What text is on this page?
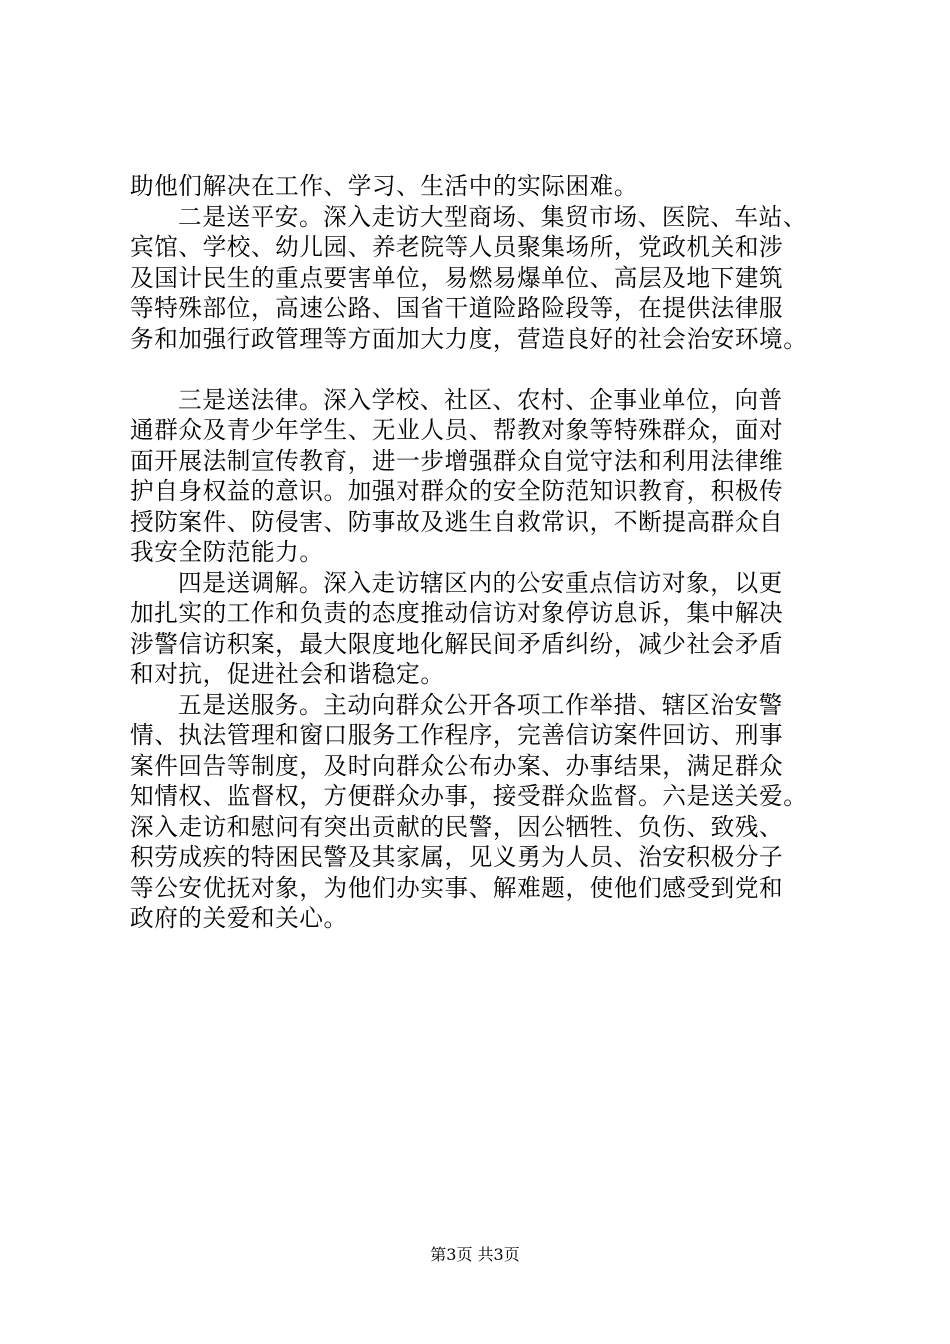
助他们解决在工作、学习、生活中的实际困难。
二是送平安。深入走访大型商场、集贸市场、医院、车站、
宾馆、学校、幼儿园、养老院等人员聚集场所，党政机关和涉
及国计民生的重点要害单位，易燃易爆单位、高层及地下建筑
等特殊部位，高速公路、国省干道险路险段等，在提供法律服
务和加强行政管理等方面加大力度，营造良好的社会治安环境。
三是送法律。深入学校、社区、农村、企事业单位，向普
通群众及青少年学生、无业人员、帮教对象等特殊群众，面对
面开展法制宣传教育，进一步增强群众自觉守法和利用法律维
护自身权益的意识。加强对群众的安全防范知识教育，积极传
授防案件、防侵害、防事故及逃生自救常识，不断提高群众自
我安全防范能力。
四是送调解。深入走访辖区内的公安重点信访对象，以更
加扎实的工作和负责的态度推动信访对象停访息诉，集中解决
涉警信访积案，最大限度地化解民间矛盾纠纷，减少社会矛盾
和对抗，促进社会和谐稳定。
五是送服务。主动向群众公开各项工作举措、辖区治安警
情、执法管理和窗口服务工作程序，完善信访案件回访、刑事
案件回告等制度，及时向群众公布办案、办事结果，满足群众
知情权、监督权，方便群众办事，接受群众监督。六是送关爱。
深入走访和慰问有突出贡献的民警，因公牺牲、负伤、致残、
积劳成疾的特困民警及其家属，见义勇为人员、治安积极分子
等公安优抚对象，为他们办实事、解难题，使他们感受到党和
政府的关爱和关心。
第3页 共3页
